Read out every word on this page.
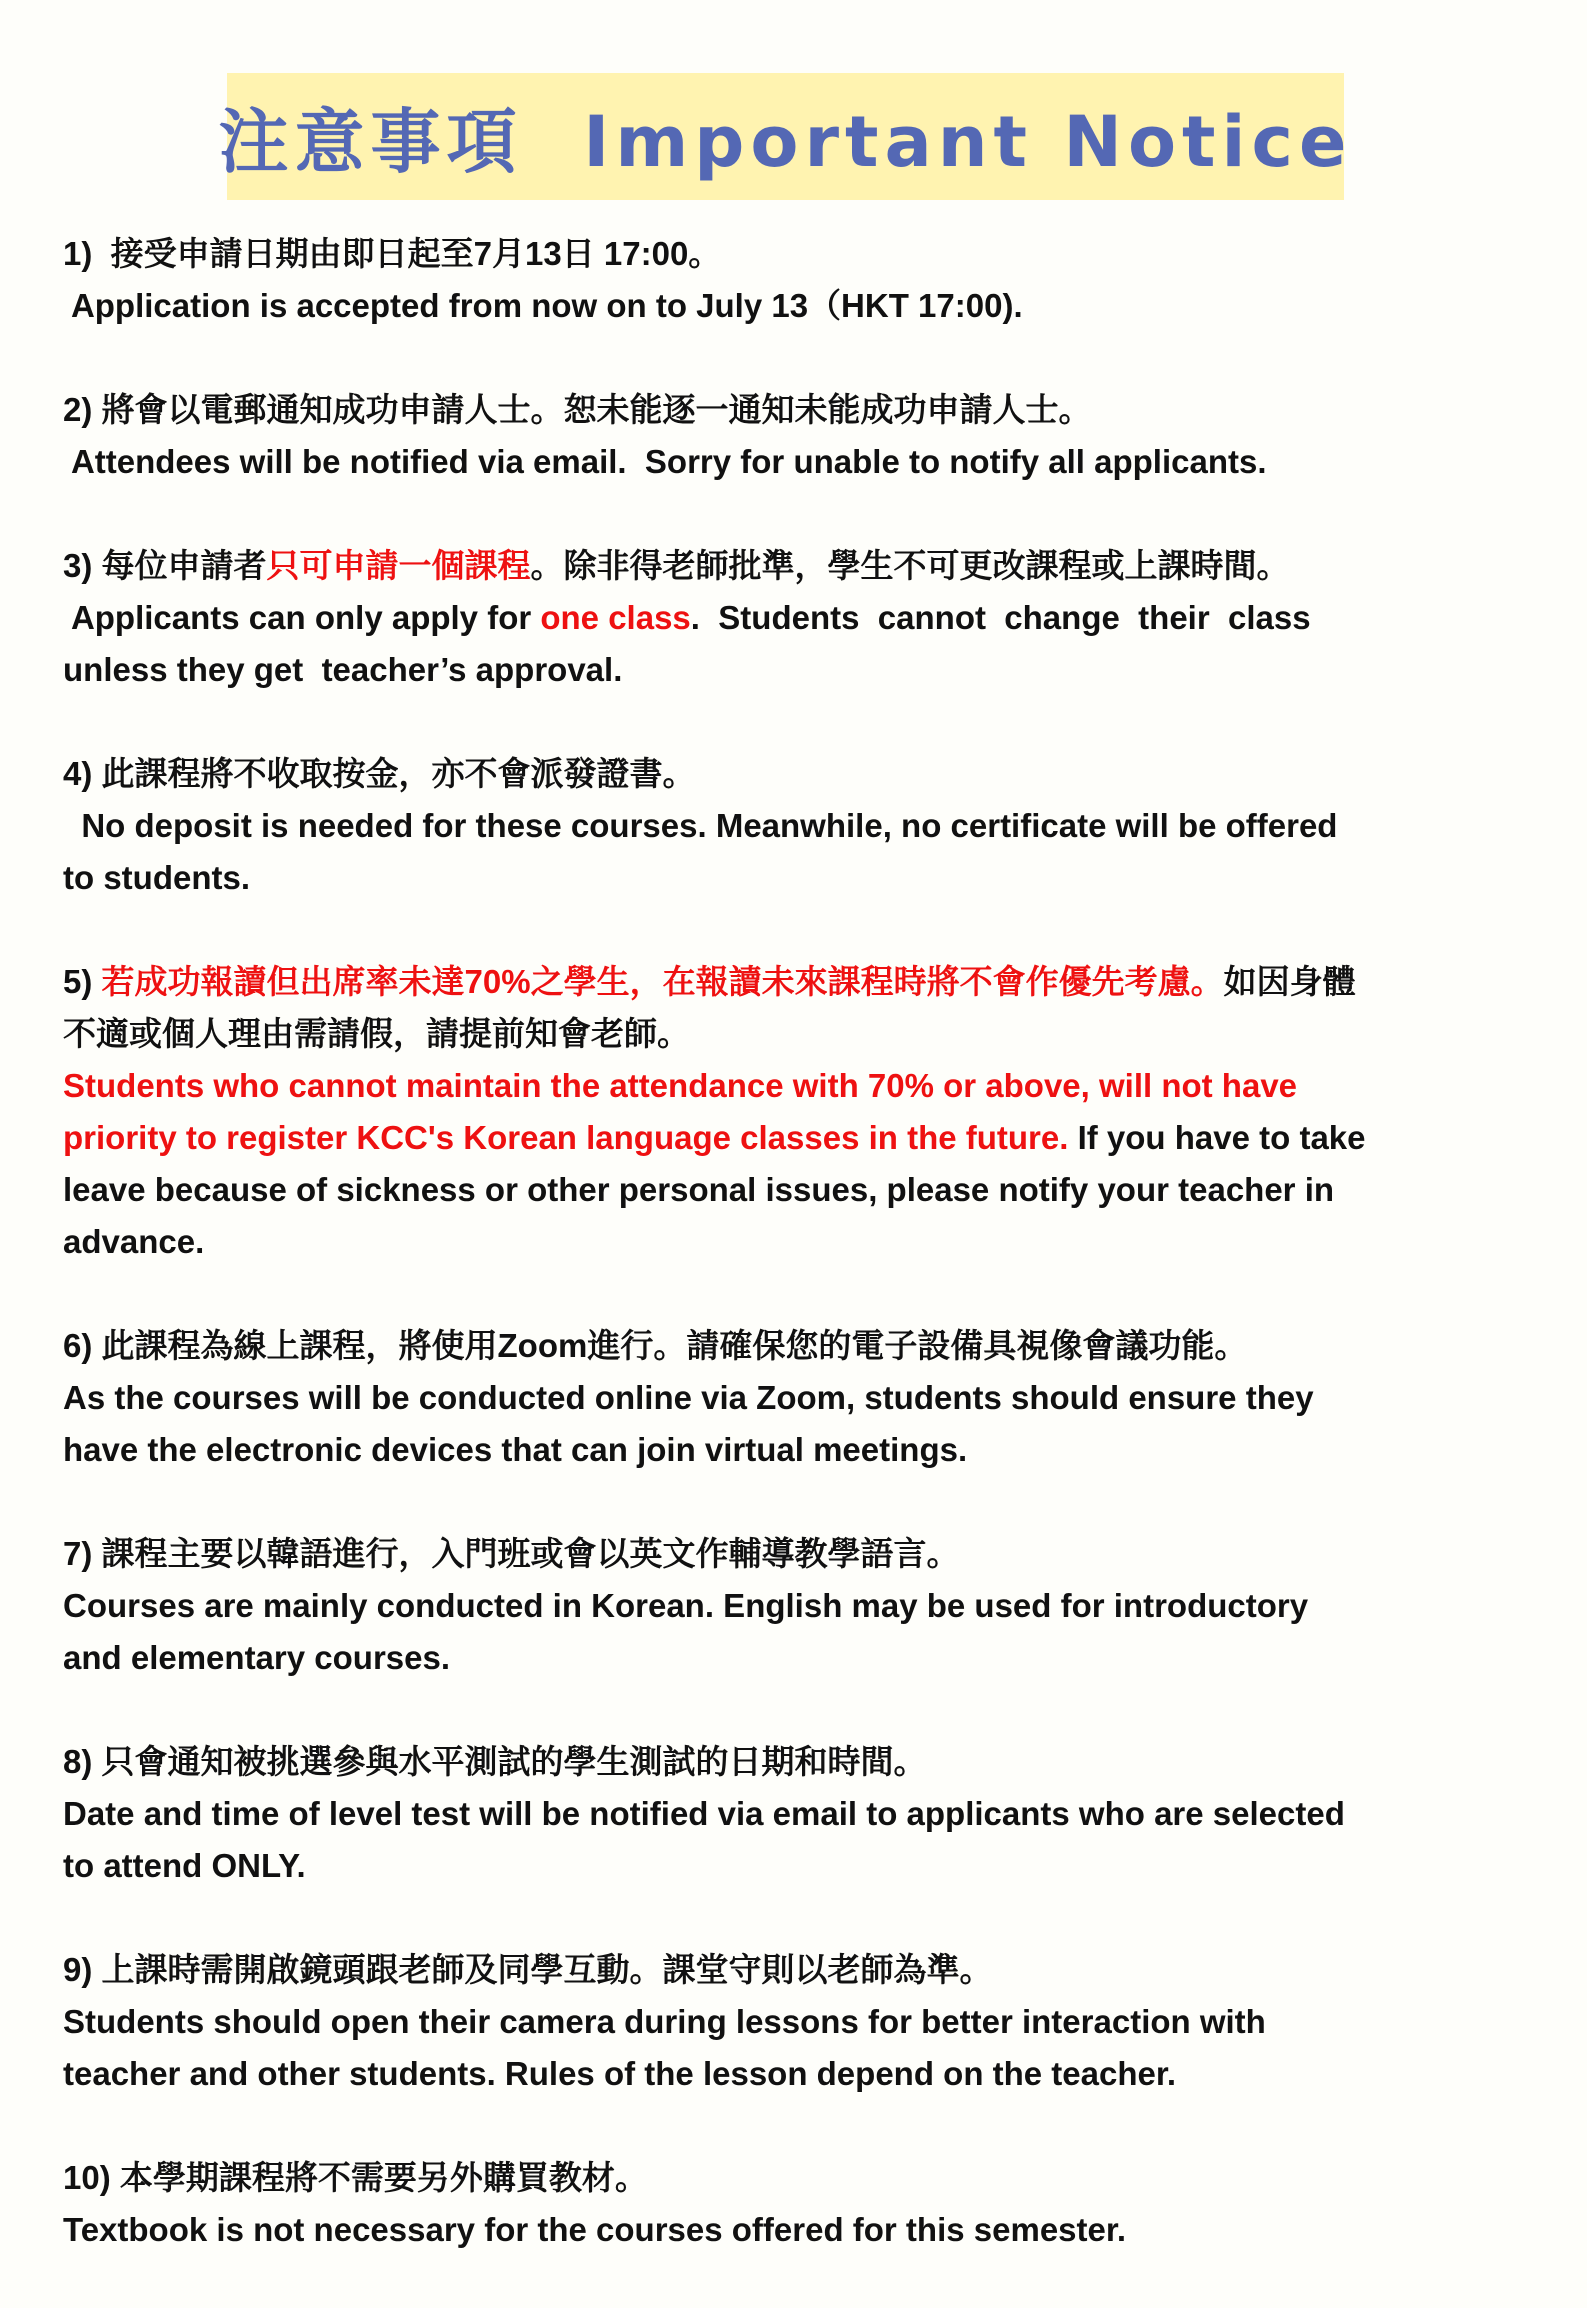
注意事項  Important Notice
1)  接受申請日期由即日起至7月13日 17:00。
Application is accepted from now on to July 13（HKT 17:00).
2) 將會以電郵通知成功申請人士。恕未能逐一通知未能成功申請人士。
Attendees will be notified via email.  Sorry for unable to notify all applicants.
3) 每位申請者只可申請一個課程。除非得老師批準，學生不可更改課程或上課時間。
Applicants can only apply for one class.  Students  cannot  change  their  class
unless they get  teacher’s approval.
4) 此課程將不收取按金，亦不會派發證書。
No deposit is needed for these courses. Meanwhile, no certificate will be offered
to students.
5) 若成功報讀但出席率未達70%之學生，在報讀未來課程時將不會作優先考慮。如因身體
不適或個人理由需請假，請提前知會老師。
Students who cannot maintain the attendance with 70% or above, will not have
priority to register KCC's Korean language classes in the future. If you have to take
leave because of sickness or other personal issues, please notify your teacher in
advance.
6) 此課程為線上課程，將使用Zoom進行。請確保您的電子設備具視像會議功能。
As the courses will be conducted online via Zoom, students should ensure they
have the electronic devices that can join virtual meetings.
7) 課程主要以韓語進行，入門班或會以英文作輔導教學語言。
Courses are mainly conducted in Korean. English may be used for introductory
and elementary courses.
8) 只會通知被挑選參與水平測試的學生測試的日期和時間。
Date and time of level test will be notified via email to applicants who are selected
to attend ONLY.
9) 上課時需開啟鏡頭跟老師及同學互動。課堂守則以老師為準。
Students should open their camera during lessons for better interaction with
teacher and other students. Rules of the lesson depend on the teacher.
10) 本學期課程將不需要另外購買教材。
Textbook is not necessary for the courses offered for this semester.
